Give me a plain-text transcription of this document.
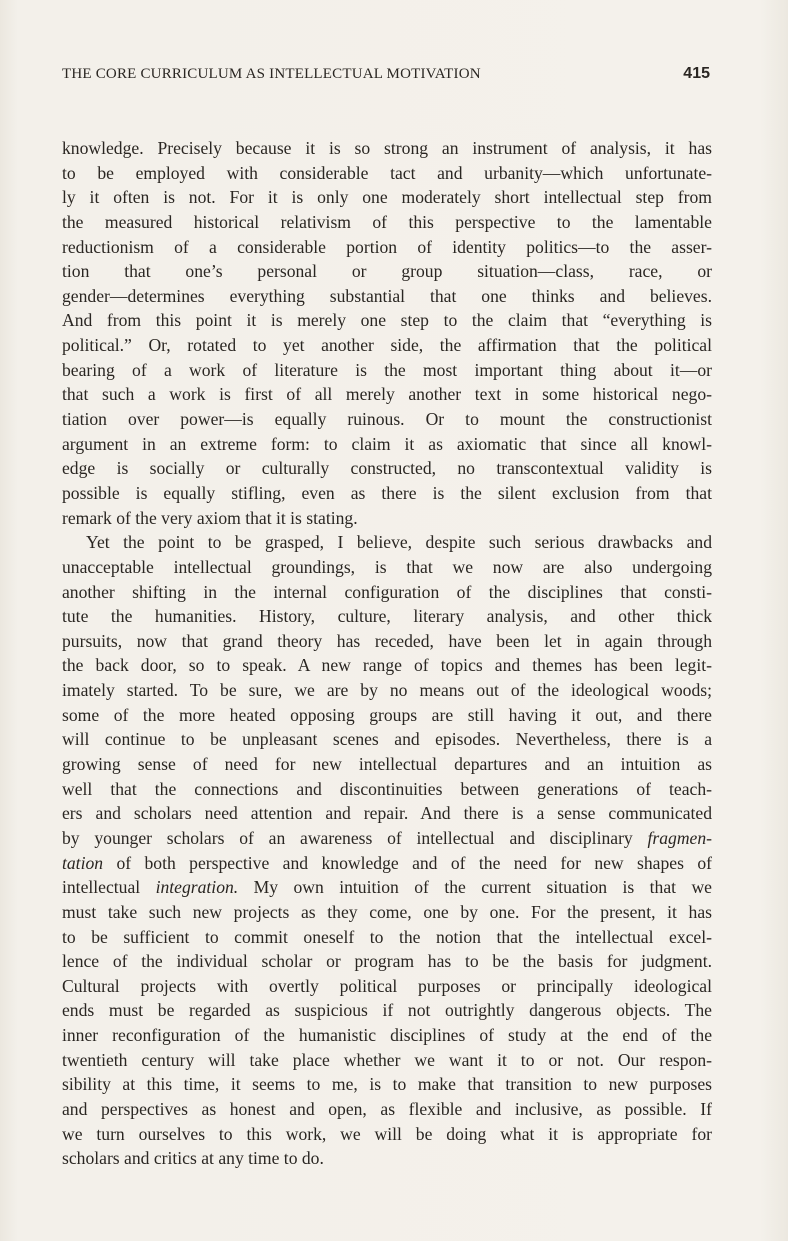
THE CORE CURRICULUM AS INTELLECTUAL MOTIVATION	415
knowledge. Precisely because it is so strong an instrument of analysis, it has
to be employed with considerable tact and urbanity—which unfortunate-
ly it often is not. For it is only one moderately short intellectual step from
the measured historical relativism of this perspective to the lamentable
reductionism of a considerable portion of identity politics—to the asser-
tion that one’s personal or group situation—class, race, or
gender—determines everything substantial that one thinks and believes.
And from this point it is merely one step to the claim that “everything is
political.” Or, rotated to yet another side, the affirmation that the political
bearing of a work of literature is the most important thing about it—or
that such a work is first of all merely another text in some historical nego-
tiation over power—is equally ruinous. Or to mount the constructionist
argument in an extreme form: to claim it as axiomatic that since all knowl-
edge is socially or culturally constructed, no transcontextual validity is
possible is equally stifling, even as there is the silent exclusion from that
remark of the very axiom that it is stating.
Yet the point to be grasped, I believe, despite such serious drawbacks and
unacceptable intellectual groundings, is that we now are also undergoing
another shifting in the internal configuration of the disciplines that consti-
tute the humanities. History, culture, literary analysis, and other thick
pursuits, now that grand theory has receded, have been let in again through
the back door, so to speak. A new range of topics and themes has been legit-
imately started. To be sure, we are by no means out of the ideological woods;
some of the more heated opposing groups are still having it out, and there
will continue to be unpleasant scenes and episodes. Nevertheless, there is a
growing sense of need for new intellectual departures and an intuition as
well that the connections and discontinuities between generations of teach-
ers and scholars need attention and repair. And there is a sense communicated
by younger scholars of an awareness of intellectual and disciplinary fragmen-
tation of both perspective and knowledge and of the need for new shapes of
intellectual integration. My own intuition of the current situation is that we
must take such new projects as they come, one by one. For the present, it has
to be sufficient to commit oneself to the notion that the intellectual excel-
lence of the individual scholar or program has to be the basis for judgment.
Cultural projects with overtly political purposes or principally ideological
ends must be regarded as suspicious if not outrightly dangerous objects. The
inner reconfiguration of the humanistic disciplines of study at the end of the
twentieth century will take place whether we want it to or not. Our respon-
sibility at this time, it seems to me, is to make that transition to new purposes
and perspectives as honest and open, as flexible and inclusive, as possible. If
we turn ourselves to this work, we will be doing what it is appropriate for
scholars and critics at any time to do.
